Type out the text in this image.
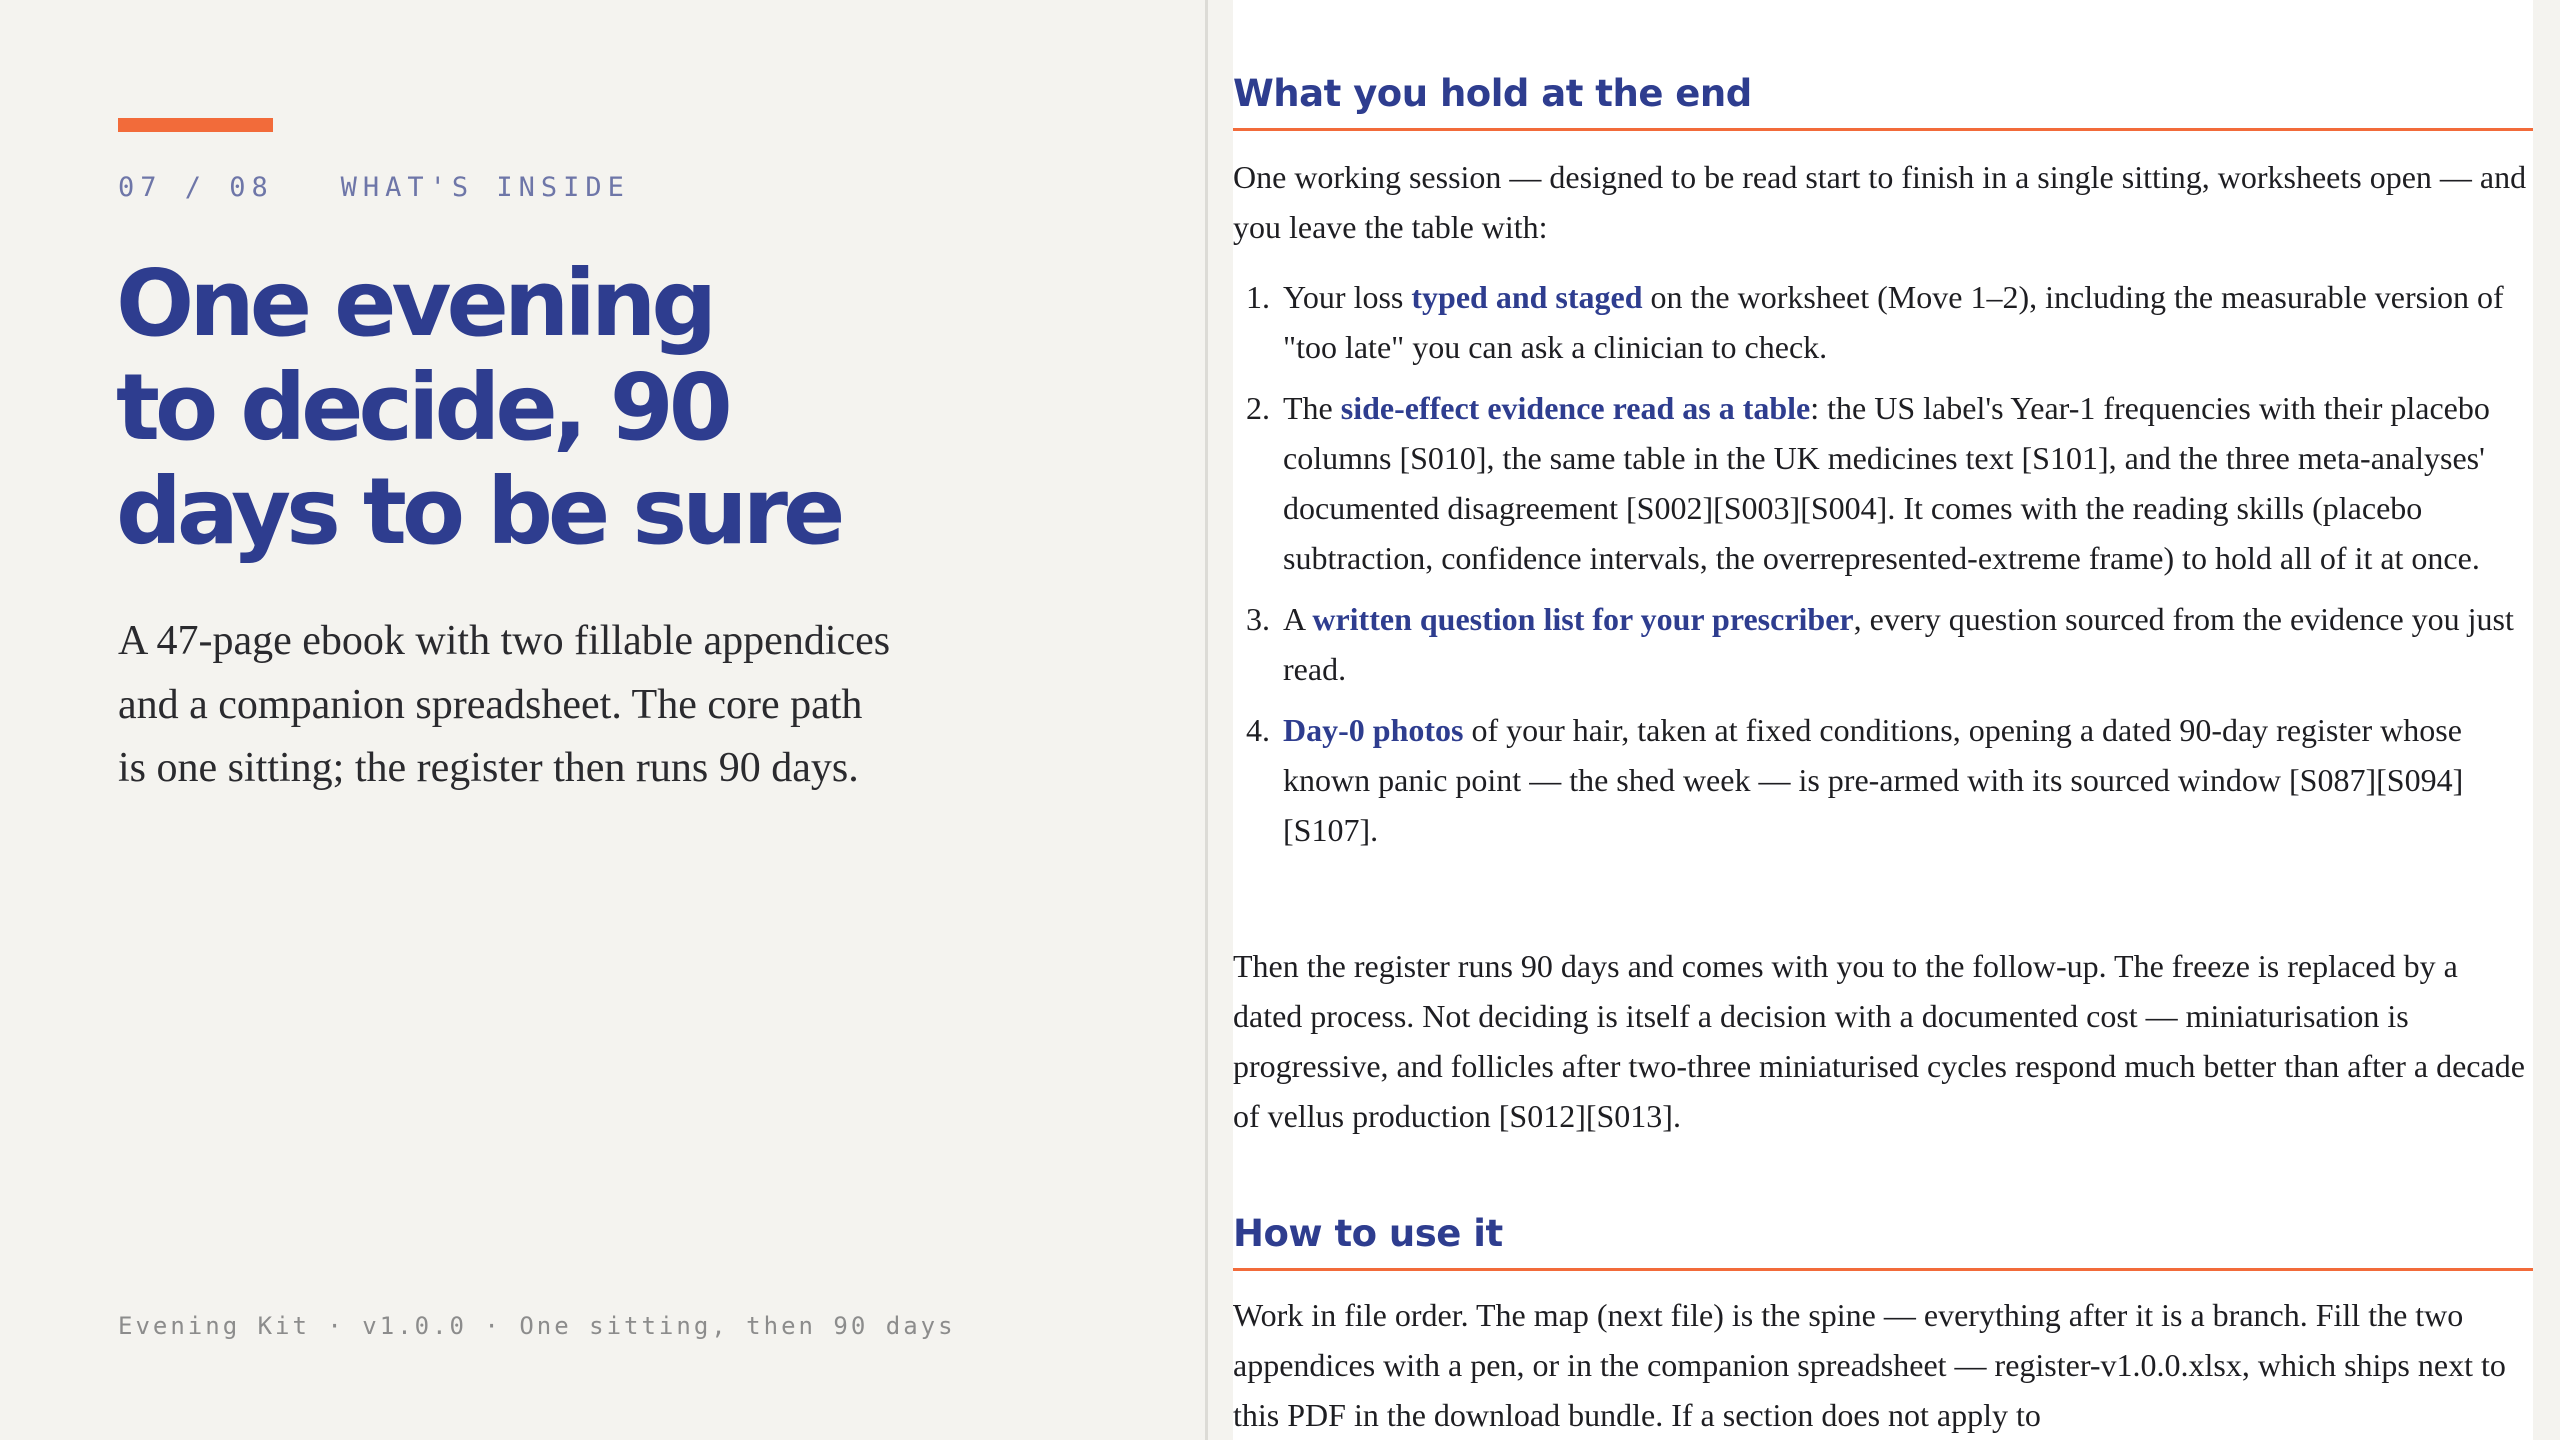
07 / 08 WHAT'S INSIDE
One evening
to decide, 90
days to be sure

A 47-page ebook with two fillable appendices and a companion spreadsheet. The core path is one sitting; the register then runs 90 days.

Evening Kit · v1.0.0 · One sitting, then 90 days
What you hold at the end

One working session — designed to be read start to finish in a single sitting, worksheets open — and you leave the table with:

1. Your loss typed and staged on the worksheet (Move 1–2), including the measurable version of "too late" you can ask a clinician to check.
2. The side-effect evidence read as a table: the US label's Year-1 frequencies with their placebo columns [S010], the same table in the UK medicines text [S101], and the three meta-analyses' documented disagreement [S002][S003][S004]. It comes with the reading skills (placebo subtraction, confidence intervals, the overrepresented-extreme frame) to hold all of it at once.
3. A written question list for your prescriber, every question sourced from the evidence you just read.
4. Day-0 photos of your hair, taken at fixed conditions, opening a dated 90-day register whose known panic point — the shed week — is pre-armed with its sourced window [S087][S094][S107].

Then the register runs 90 days and comes with you to the follow-up. The freeze is replaced by a dated process. Not deciding is itself a decision with a documented cost — miniaturisation is progressive, and follicles after two-three miniaturised cycles respond much better than after a decade of vellus production [S012][S013].

How to use it

Work in file order. The map (next file) is the spine — everything after it is a branch. Fill the two appendices with a pen, or in the companion spreadsheet — register-v1.0.0.xlsx, which ships next to this PDF in the download bundle. If a section does not apply to
